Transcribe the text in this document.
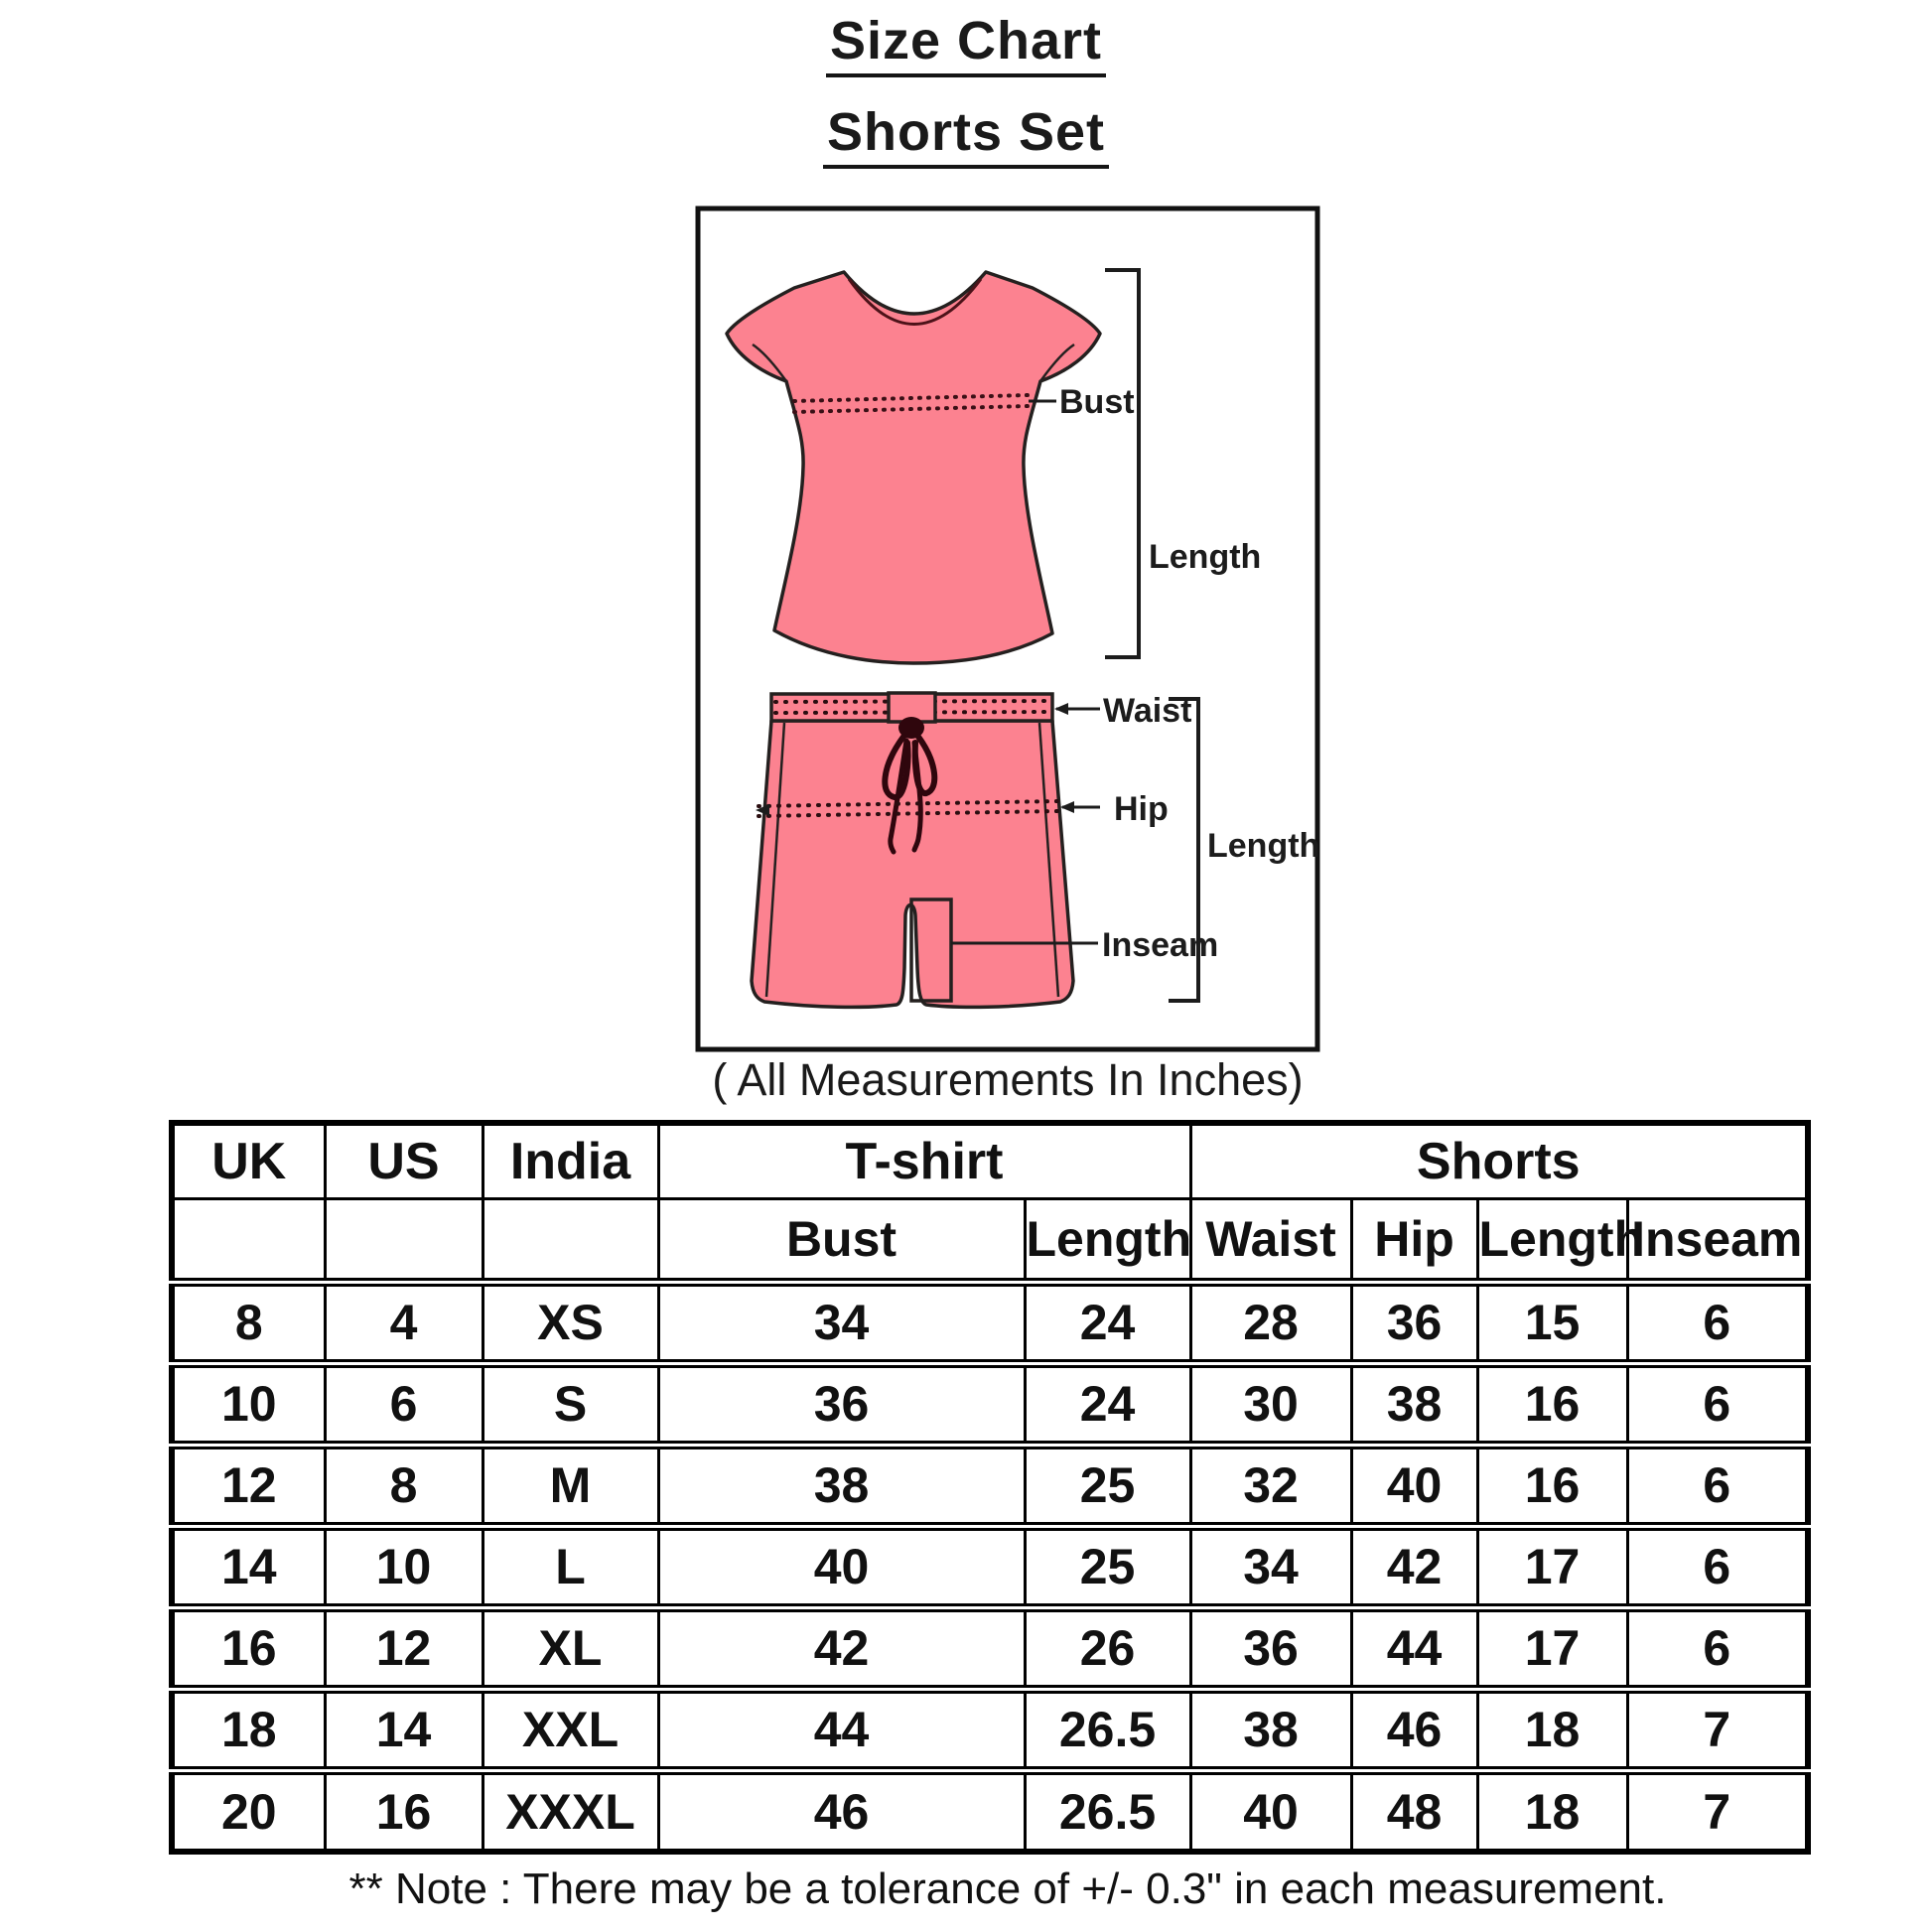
Size Chart
Shorts Set
Bust
Length
Hip
Waist
Inseam
Length
( All Measurements In Inches)
UK	US	India	T-shirt		Shorts			
			Bust	Length	Waist	Hip	Length	Inseam
8	4	XS	34	24	28	36	15	6
10	6	S	36	24	30	38	16	6
12	8	M	38	25	32	40	16	6
14	10	L	40	25	34	42	17	6
16	12	XL	42	26	36	44	17	6
18	14	XXL	44	26.5	38	46	18	7
20	16	XXXL	46	26.5	40	48	18	7
** Note : There may be a tolerance of +/- 0.3" in each measurement.
